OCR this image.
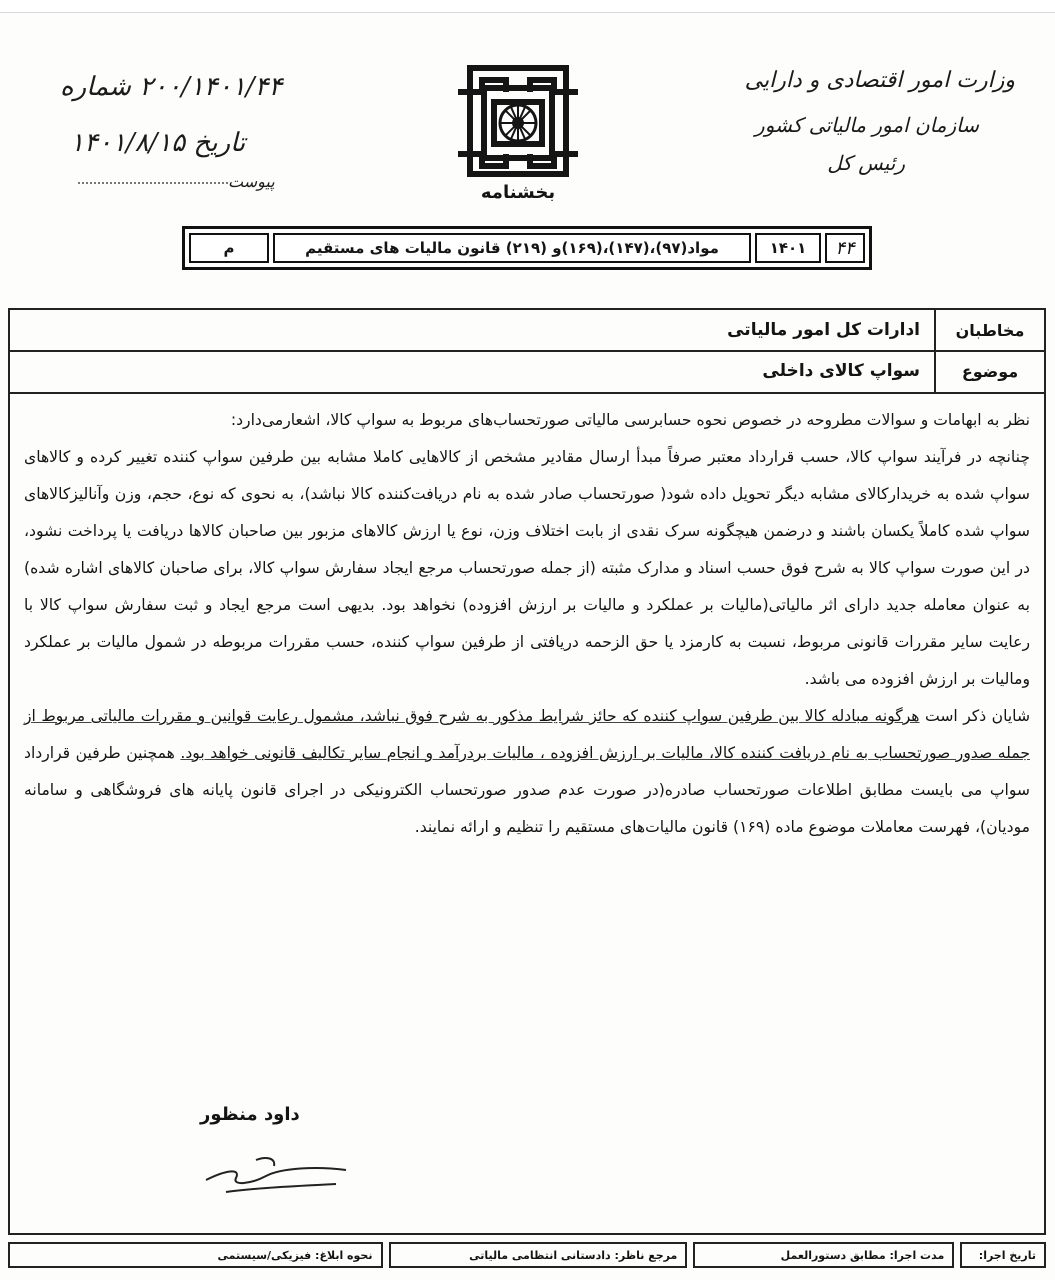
۲۰۰/۱۴۰۱/۴۴ شماره
تاریخ ۱۴۰۱/۸/۱۵
پیوست
بخشنامه
وزارت امور اقتصادی و دارایی
سازمان امور مالیاتی کشور
رئیس کل
۴۴
۱۴۰۱
مواد(۹۷)،(۱۴۷)،(۱۶۹)و (۲۱۹) قانون مالیات های مستقیم
م
مخاطبان
ادارات کل امور مالیاتی
موضوع
سواپ کالای داخلی

نظر به ابهامات و سوالات مطروحه در خصوص نحوه حسابرسی مالیاتی صورتحساب‌های مربوط به سواپ کالا، اشعارمی‌دارد:

چنانچه در فرآیند سواپ کالا، حسب قرارداد معتبر صرفاً مبدأ ارسال مقادیر مشخص از کالاهایی کاملا مشابه بین طرفین سواپ کننده تغییر کرده و کالاهای سواپ شده به خریدارکالای مشابه دیگر تحویل داده شود( صورتحساب صادر شده به نام دریافت‌کننده کالا نباشد)، به نحوی که نوع، حجم، وزن وآنالیزکالاهای سواپ شده کاملاً یکسان باشند و درضمن هیچگونه سرک نقدی از بابت اختلاف وزن، نوع یا ارزش کالاهای مزبور بین صاحبان کالاها دریافت یا پرداخت نشود، در این صورت سواپ کالا به شرح فوق حسب اسناد و مدارک مثبته (از جمله صورتحساب مرجع ایجاد سفارش سواپ کالا، برای صاحبان کالاهای اشاره شده) به عنوان معامله جدید دارای اثر مالیاتی(مالیات بر عملکرد و مالیات بر ارزش افزوده) نخواهد بود. بدیهی است مرجع ایجاد و ثبت سفارش سواپ کالا با رعایت سایر مقررات قانونی مربوط، نسبت به کارمزد یا حق الزحمه دریافتی از طرفین سواپ کننده، حسب مقررات مربوطه در شمول مالیات بر عملکرد ومالیات بر ارزش افزوده می باشد.

شایان ذکر است هرگونه مبادله کالا بین طرفین سواپ کننده که حائز شرایط مذکور به شرح فوق نباشد، مشمول رعایت قوانین و مقررات مالیاتی مربوط از جمله صدور صورتحساب به نام دریافت کننده کالا، مالیات بر ارزش افزوده ، مالیات بردرآمد و انجام سایر تکالیف قانونی خواهد بود. همچنین طرفین قرارداد سواپ می بایست مطابق اطلاعات صورتحساب صادره(در صورت عدم صدور صورتحساب الکترونیکی در اجرای قانون پایانه های فروشگاهی و سامانه مودیان)، فهرست معاملات موضوع ماده (۱۶۹) قانون مالیات‌های مستقیم را تنظیم و ارائه نمایند.

داود منظور
تاریخ اجرا:
مدت اجرا: مطابق دستورالعمل
مرجع ناظر: دادستانی انتظامی مالیاتی
نحوه ابلاغ: فیزیکی/سیستمی
